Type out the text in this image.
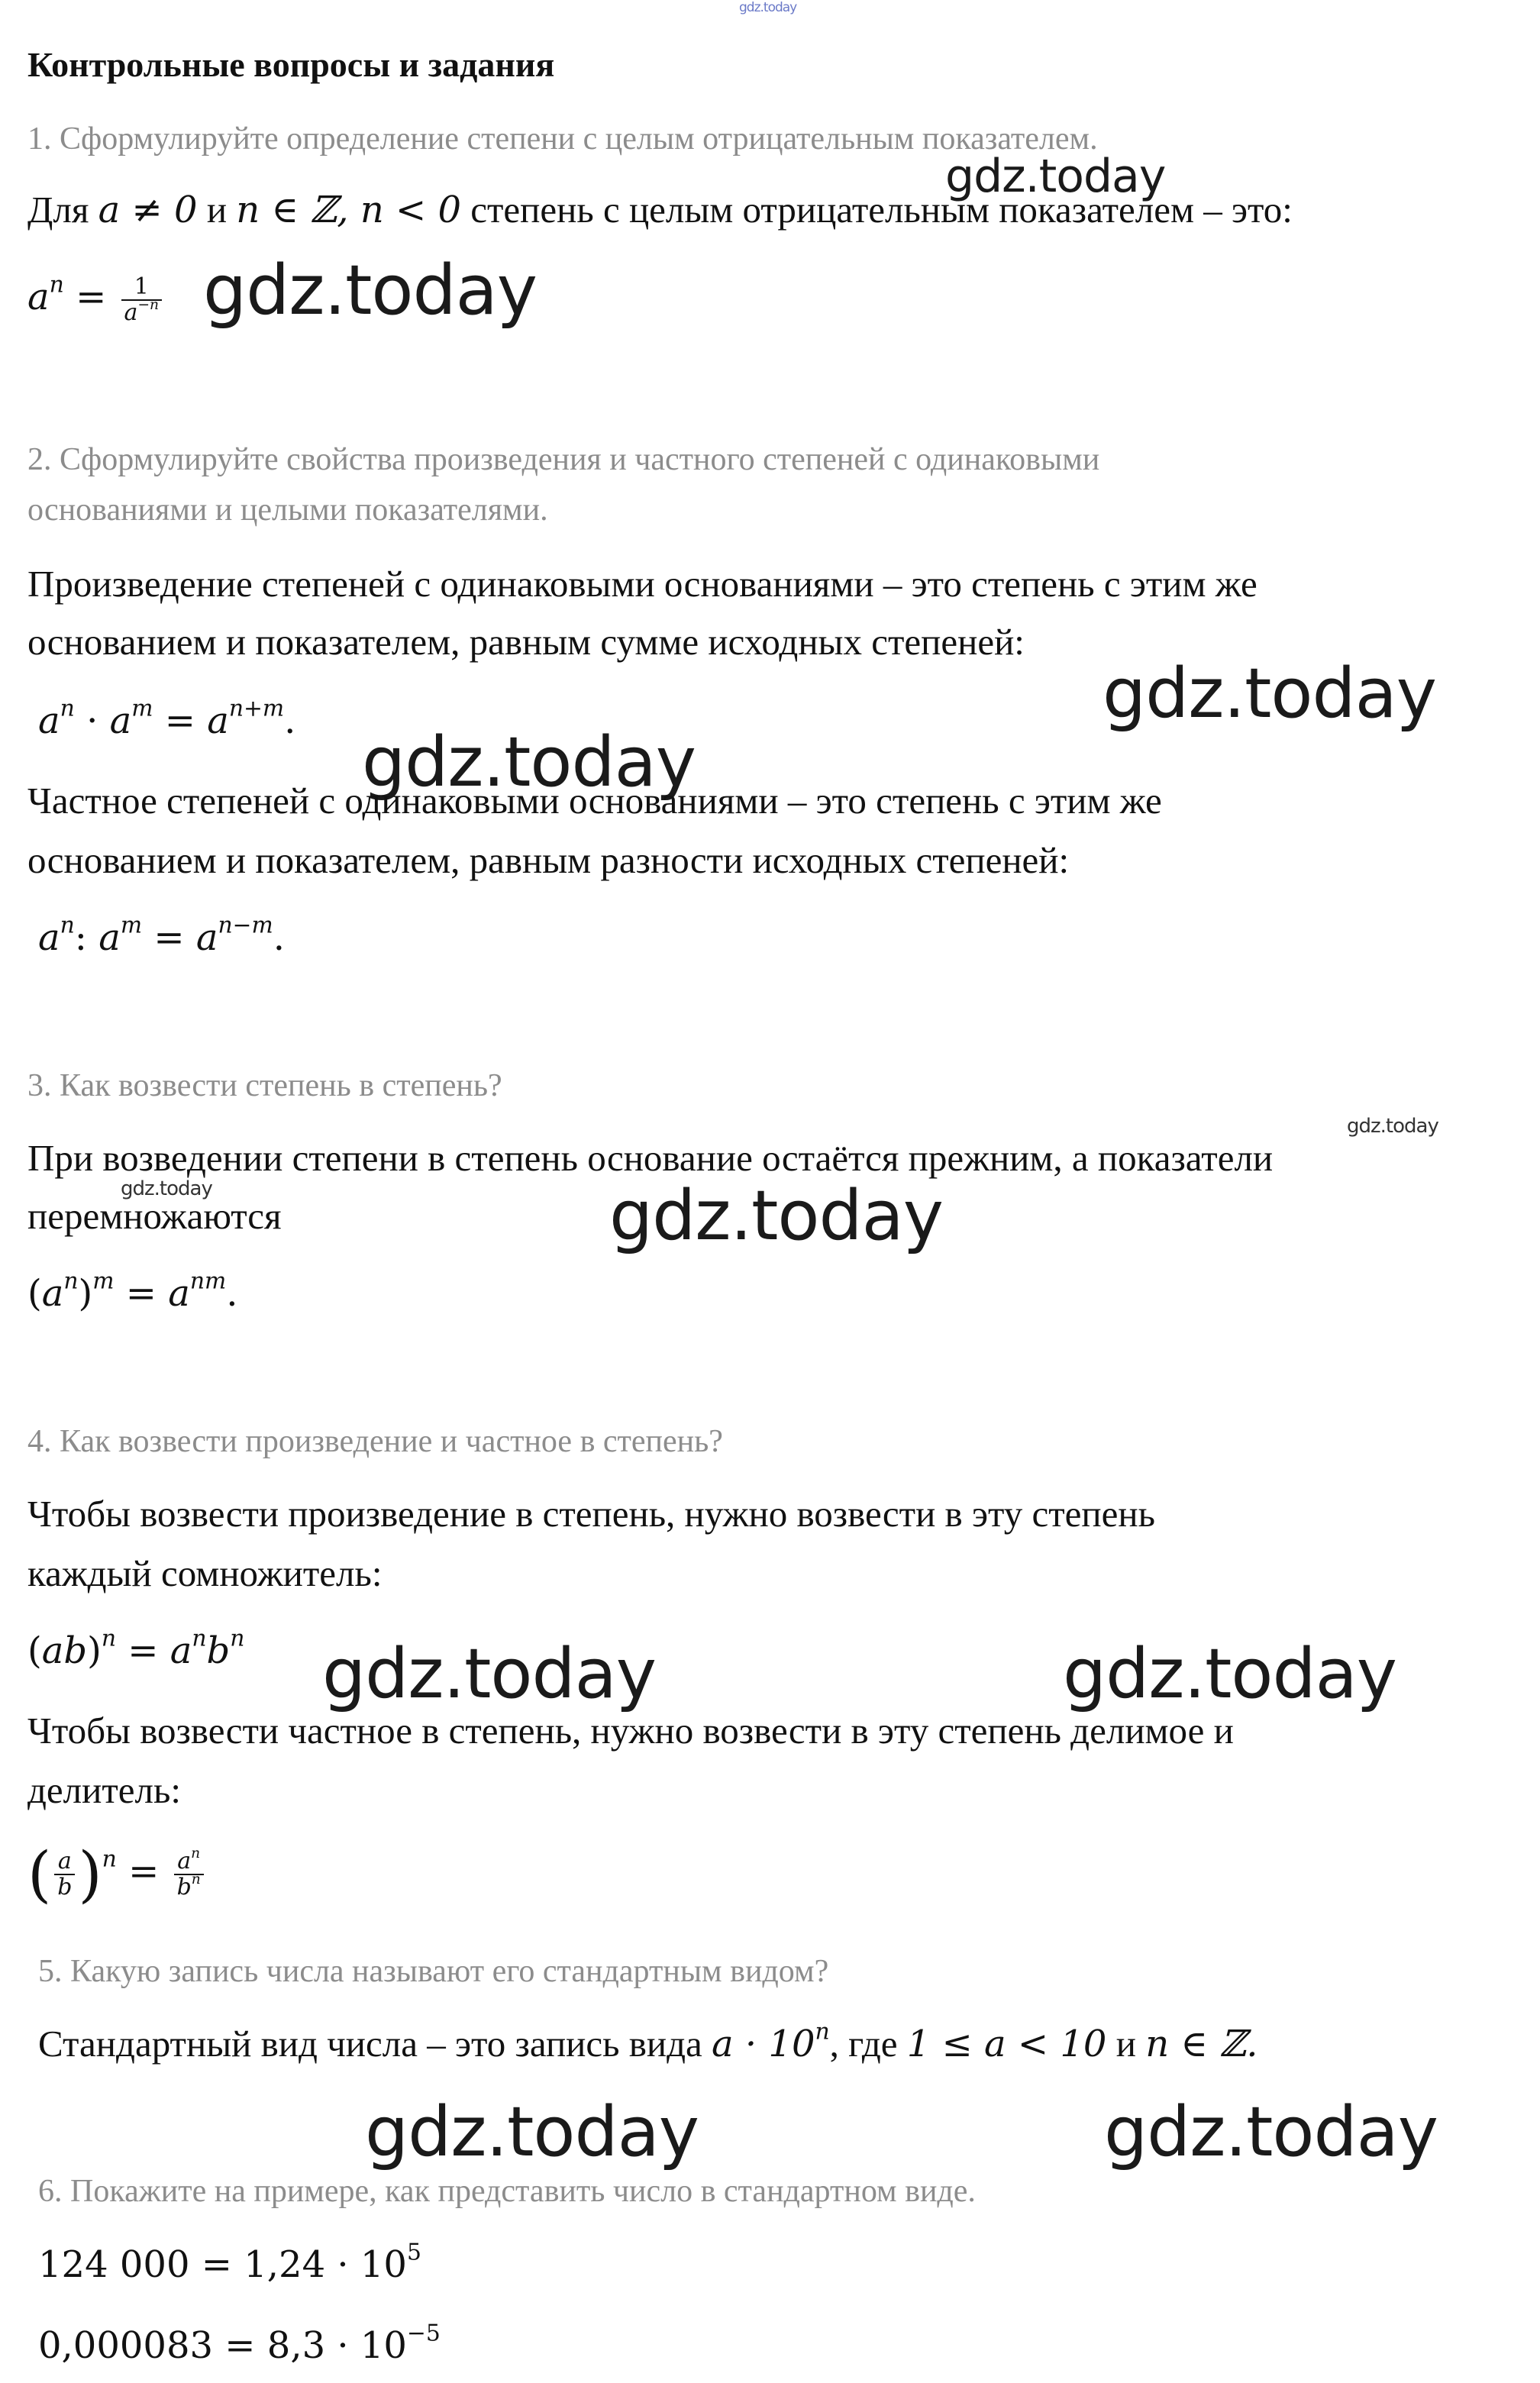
gdz.today
Контрольные вопросы и задания
1. Сформулируйте определение степени с целым отрицательным показателем.
Для a ≠ 0 и n ∈ ℤ, n < 0 степень с целым отрицательным показателем – это:
$a^n = \frac{1}{a^{-n}}$ gdz.today
gdz.today
2. Сформулируйте свойства произведения и частного степеней с одинаковыми
основаниями и целыми показателями.
Произведение степеней с одинаковыми основаниями – это степень с этим же
основанием и показателем, равным сумме исходных степеней:
$a^n \cdot a^m = a^{n+m}$.	gdz.today
gdz.today
Частное степеней с одинаковыми основаниями – это степень с этим же
основанием и показателем, равным разности исходных степеней:
$a^n$: $a^m = a^{n-m}$.
3. Как возвести степень в степень?
gdz.today
При возведении степени в степень основание остаётся прежним, а показатели
gdz.today
перемножаются	gdz.today
$(a^n)^m = a^{nm}$.
4. Как возвести произведение и частное в степень?
Чтобы возвести произведение в степень, нужно возвести в эту степень
каждый сомножитель:
$(ab)^n = a^nb^n$ gdz.today	gdz.today
Чтобы возвести частное в степень, нужно возвести в эту степень делимое и
делитель:
( $\frac{a}{b} )^n = \frac{a^n}{b^n}$
5. Какую запись числа называют его стандартным видом?
Стандартный вид числа – это запись вида $a \cdot 10^n$, где 1 ≤ a < 10 и n ∈ ℤ.
gdz.today	gdz.today
6. Покажите на примере, как представить число в стандартном виде.
124 $000 = 1,24 \cdot 10^5$
$0,000083 = 8,3 \cdot 10^{-5}$
